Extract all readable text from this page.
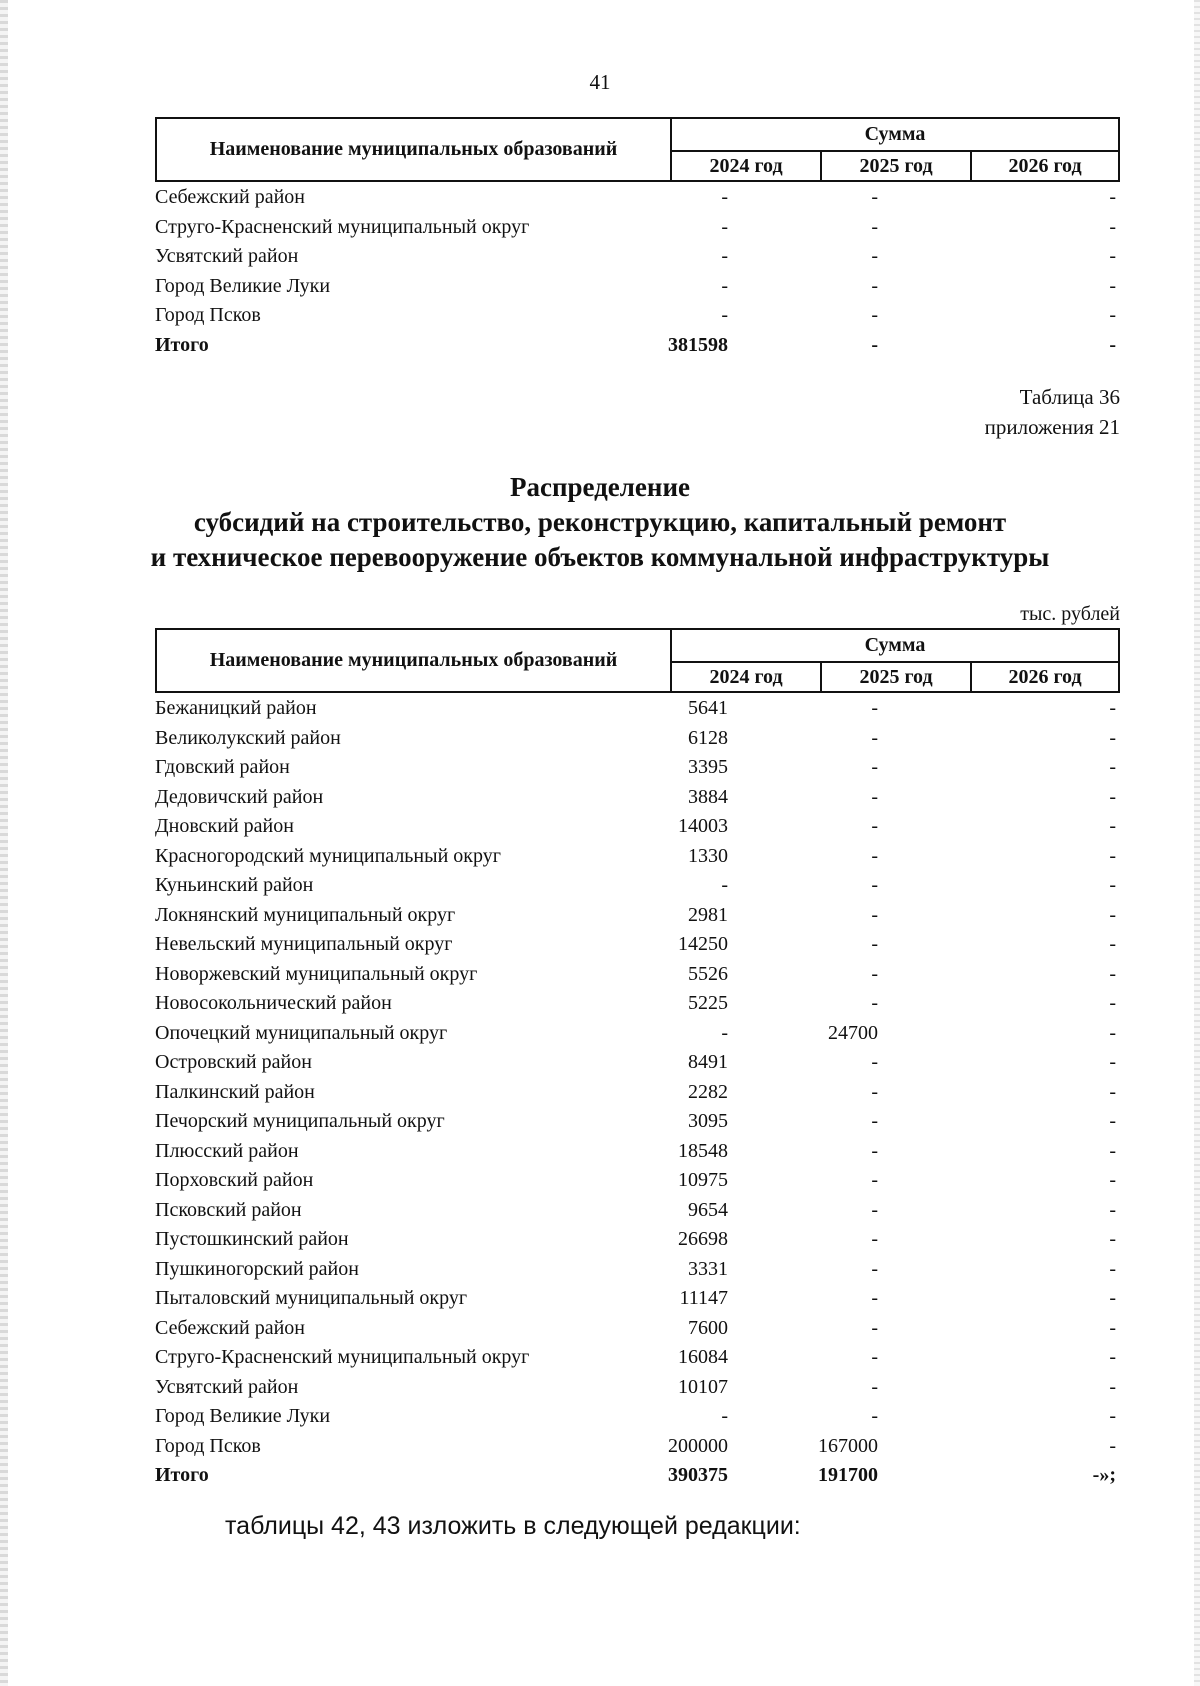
41
Наименование муниципальных образований
Сумма
2024 год	2025 год	2026 год
Себежский район	-	-	-
Струго-Красненский муниципальный округ	-	-	-
Усвятский район	-	-	-
Город Великие Луки	-	-	-
Город Псков	-	-	-
Итого	381598	-	-
Таблица 36
приложения 21
Распределение
субсидий на строительство, реконструкцию, капитальный ремонт
и техническое перевооружение объектов коммунальной инфраструктуры
тыс. рублей
Наименование муниципальных образований
Сумма
2024 год	2025 год	2026 год
Бежаницкий район	5641	-	-
Великолукский район	6128	-	-
Гдовский район	3395	-	-
Дедовичский район	3884	-	-
Дновский район	14003	-	-
Красногородский муниципальный округ	1330	-	-
Куньинский район	-	-	-
Локнянский муниципальный округ	2981	-	-
Невельский муниципальный округ	14250	-	-
Новоржевский муниципальный округ	5526	-	-
Новосокольнический район	5225	-	-
Опочецкий муниципальный округ	-	24700	-
Островский район	8491	-	-
Палкинский район	2282	-	-
Печорский муниципальный округ	3095	-	-
Плюсский район	18548	-	-
Порховский район	10975	-	-
Псковский район	9654	-	-
Пустошкинский район	26698	-	-
Пушкиногорский район	3331	-	-
Пыталовский муниципальный округ	11147	-	-
Себежский район	7600	-	-
Струго-Красненский муниципальный округ	16084	-	-
Усвятский район	10107	-	-
Город Великие Луки	-	-	-
Город Псков	200000	167000	-
Итого	390375	191700	-»;
таблицы 42, 43 изложить в следующей редакции:
